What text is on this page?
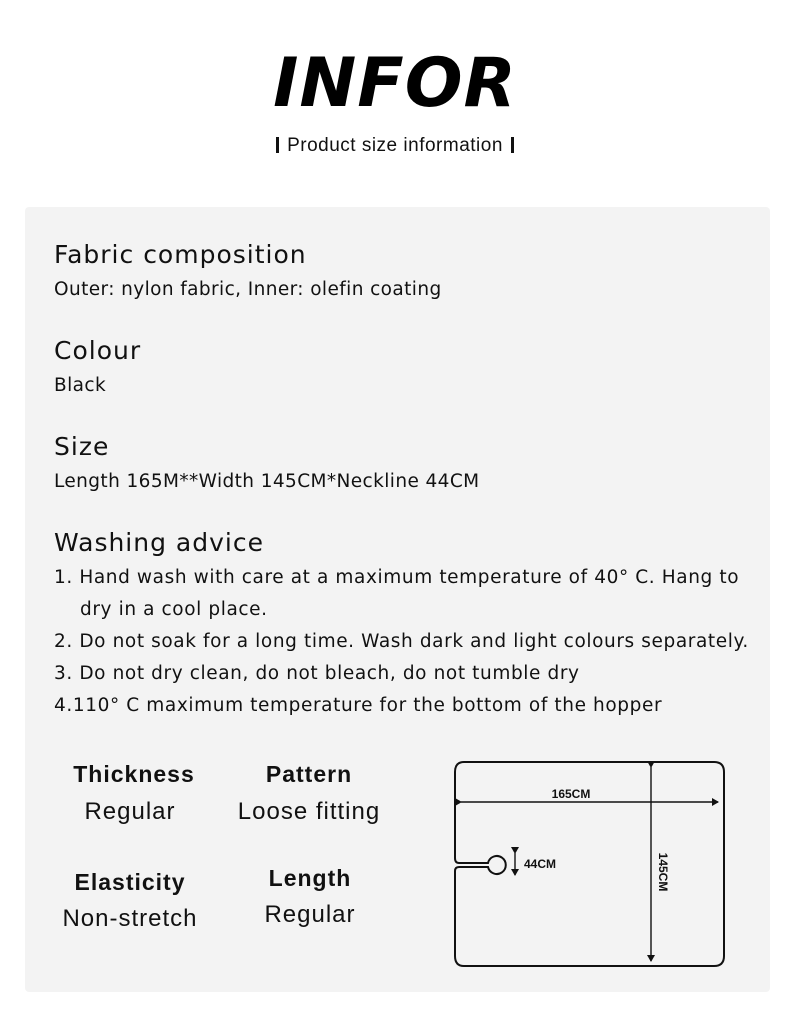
INFOR
Product size information
Fabric composition
Outer: nylon fabric, Inner: olefin coating
Colour
Black
Size
Length 165M**Width 145CM*Neckline 44CM
Washing advice
1. Hand wash with care at a maximum temperature of 40° C. Hang to
dry in a cool place.
2. Do not soak for a long time. Wash dark and light colours separately.
3. Do not dry clean, do not bleach, do not tumble dry
4.110° C maximum temperature for the bottom of the hopper
Thickness
Regular
Pattern
Loose fitting
Elasticity
Non-stretch
Length
Regular
165CM
44CM	145CM
